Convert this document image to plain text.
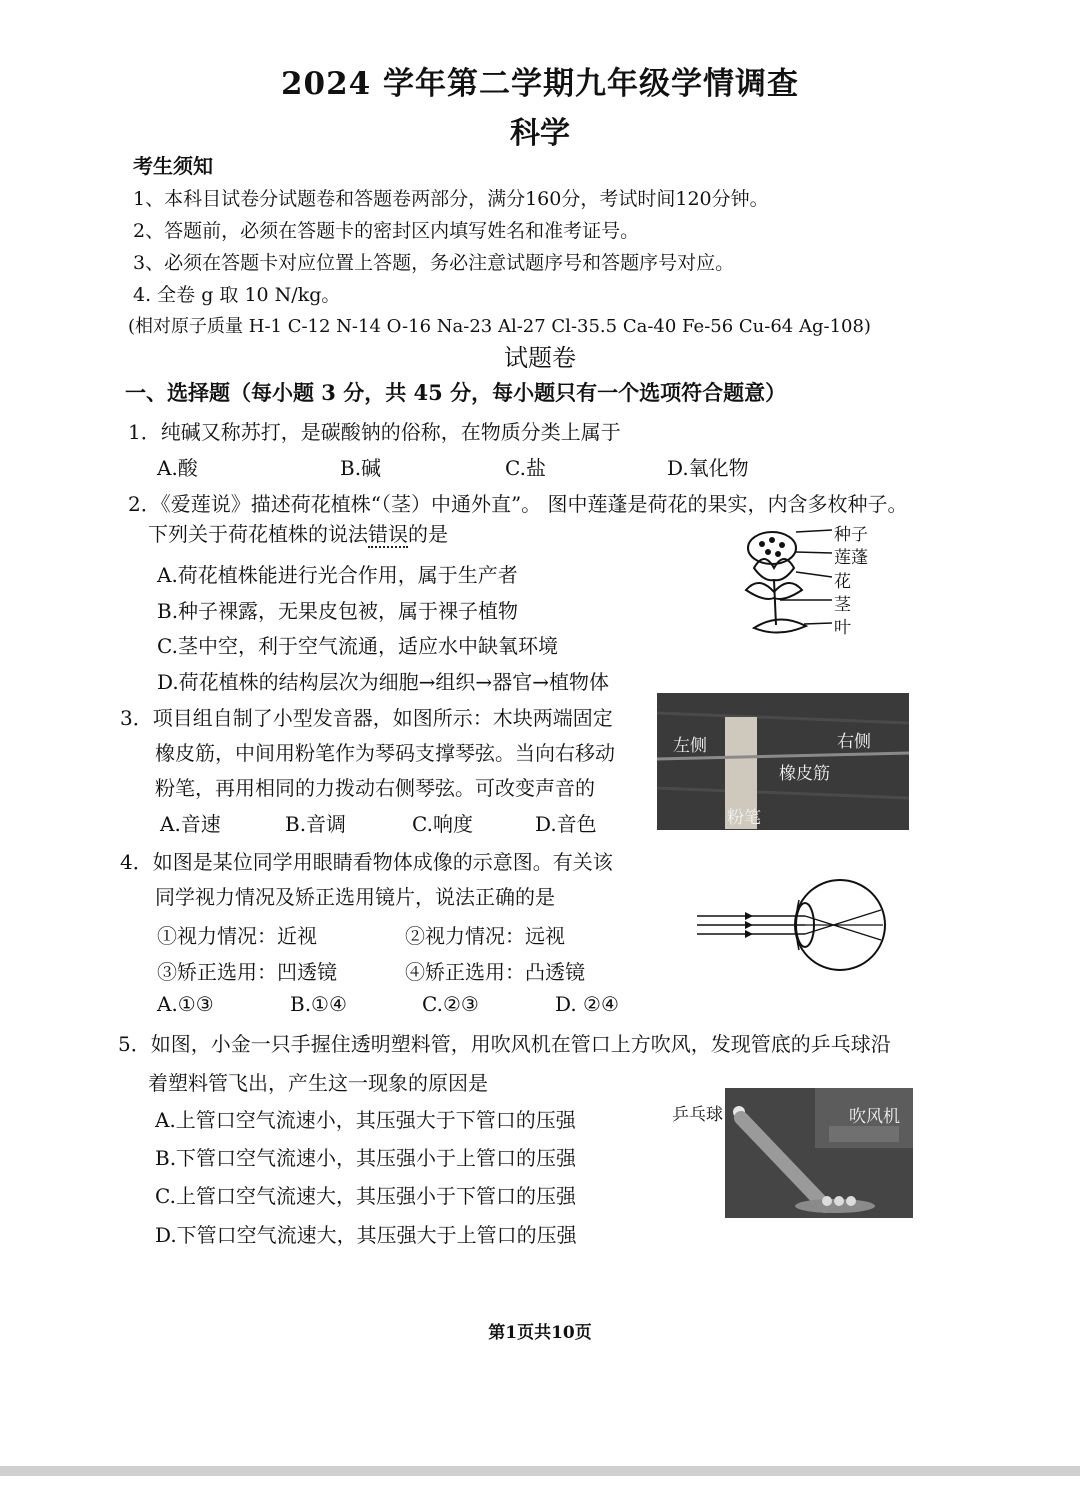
2024 学年第二学期九年级学情调查
科学
考生须知
1、本科目试卷分试题卷和答题卷两部分，满分160分，考试时间120分钟。
2、答题前，必须在答题卡的密封区内填写姓名和准考证号。
3、必须在答题卡对应位置上答题，务必注意试题序号和答题序号对应。
4. 全卷 g 取 10 N/kg。
(相对原子质量 H-1 C-12 N-14 O-16 Na-23 Al-27 Cl-35.5 Ca-40 Fe-56 Cu-64 Ag-108)
试题卷
一、选择题（每小题 3 分，共 45 分，每小题只有一个选项符合题意）
1．纯碱又称苏打，是碳酸钠的俗称，在物质分类上属于
A.酸	B.碱	C.盐	D.氧化物
2．《爱莲说》描述荷花植株“（茎）中通外直”。 图中莲蓬是荷花的果实，内含多枚种子。
下列关于荷花植株的说法错误的是
A.荷花植株能进行光合作用，属于生产者
B.种子裸露，无果皮包被，属于裸子植物
C.茎中空，利于空气流通，适应水中缺氧环境
D.荷花植株的结构层次为细胞→组织→器官→植物体
种子
莲蓬
花
茎
叶
3．项目组自制了小型发音器，如图所示：木块两端固定
橡皮筋，中间用粉笔作为琴码支撑琴弦。当向右移动
粉笔，再用相同的力拨动右侧琴弦。可改变声音的
A.音速	B.音调	C.响度	D.音色
左侧	右侧
橡皮筋
粉笔
4．如图是某位同学用眼睛看物体成像的示意图。有关该
同学视力情况及矫正选用镜片，说法正确的是
①视力情况：近视	②视力情况：远视
③矫正选用：凹透镜	④矫正选用：凸透镜
A.①③	B.①④	C.②③	D. ②④
5．如图，小金一只手握住透明塑料管，用吹风机在管口上方吹风，发现管底的乒乓球沿
着塑料管飞出，产生这一现象的原因是
A.上管口空气流速小，其压强大于下管口的压强
B.下管口空气流速小，其压强小于上管口的压强
C.上管口空气流速大，其压强小于下管口的压强
D.下管口空气流速大，其压强大于上管口的压强
乒乓球	吹风机
第1页共10页
